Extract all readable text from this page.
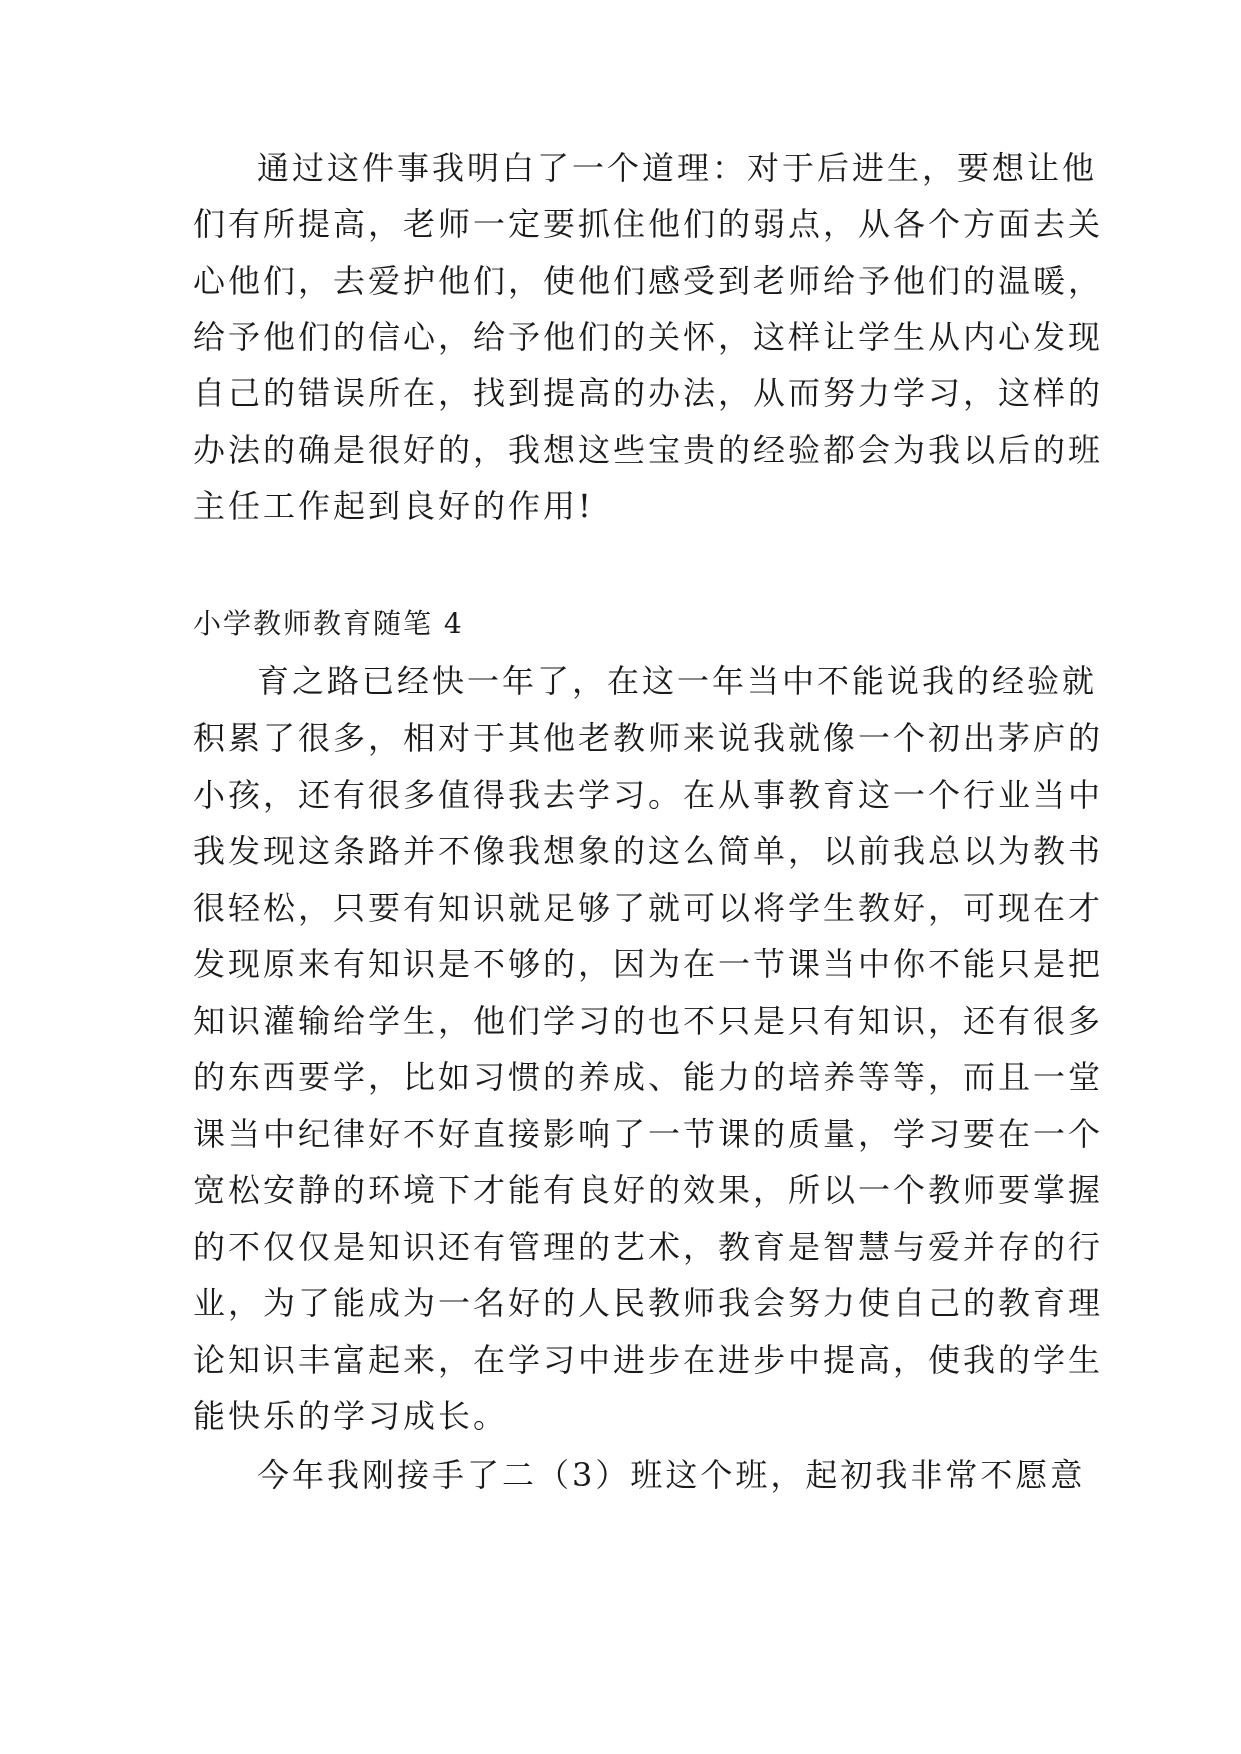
通过这件事我明白了一个道理：对于后进生，要想让他
们有所提高，老师一定要抓住他们的弱点，从各个方面去关
心他们，去爱护他们，使他们感受到老师给予他们的温暖，
给予他们的信心，给予他们的关怀，这样让学生从内心发现
自己的错误所在，找到提高的办法，从而努力学习，这样的
办法的确是很好的，我想这些宝贵的经验都会为我以后的班
主任工作起到良好的作用!
小学教师教育随笔 4
育之路已经快一年了，在这一年当中不能说我的经验就
积累了很多，相对于其他老教师来说我就像一个初出茅庐的
小孩，还有很多值得我去学习。在从事教育这一个行业当中
我发现这条路并不像我想象的这么简单，以前我总以为教书
很轻松，只要有知识就足够了就可以将学生教好，可现在才
发现原来有知识是不够的，因为在一节课当中你不能只是把
知识灌输给学生，他们学习的也不只是只有知识，还有很多
的东西要学，比如习惯的养成、能力的培养等等，而且一堂
课当中纪律好不好直接影响了一节课的质量，学习要在一个
宽松安静的环境下才能有良好的效果，所以一个教师要掌握
的不仅仅是知识还有管理的艺术，教育是智慧与爱并存的行
业，为了能成为一名好的人民教师我会努力使自己的教育理
论知识丰富起来，在学习中进步在进步中提高，使我的学生
能快乐的学习成长。
今年我刚接手了二（3）班这个班，起初我非常不愿意
